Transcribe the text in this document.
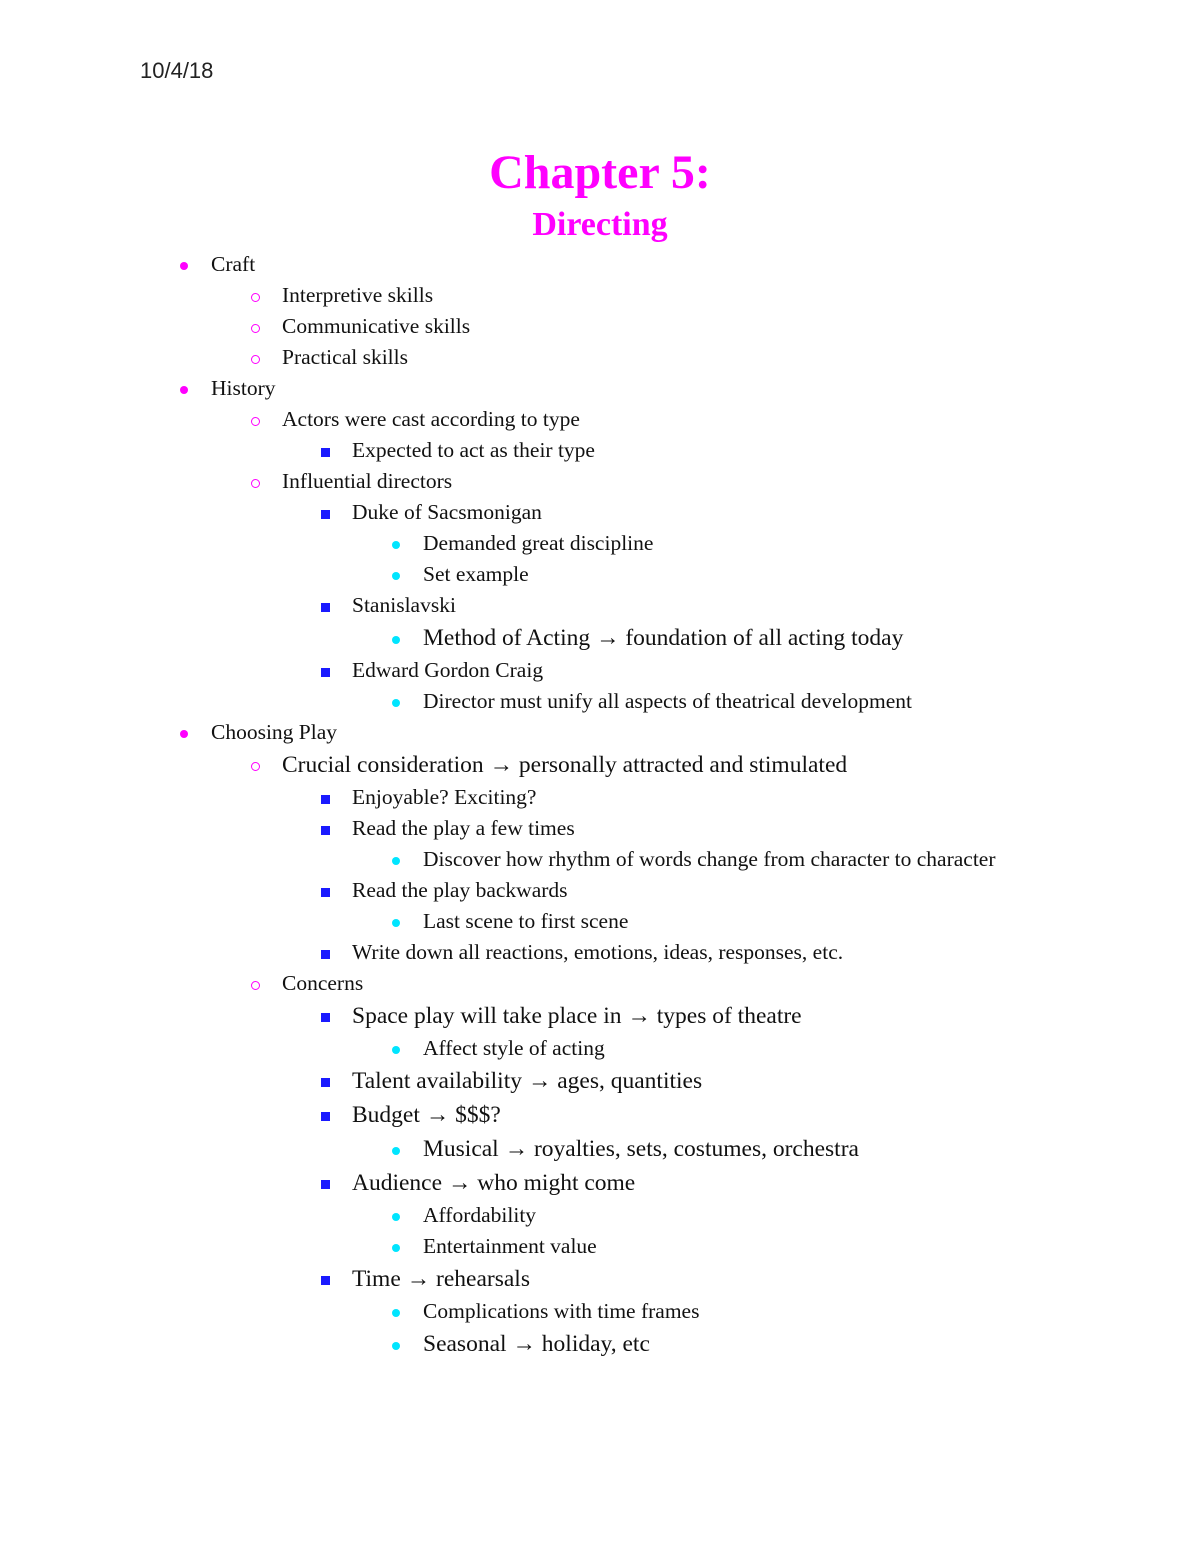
10/4/18
Chapter 5:
Directing
Craft
Interpretive skills
Communicative skills
Practical skills
History
Actors were cast according to type
Expected to act as their type
Influential directors
Duke of Sacsmonigan
Demanded great discipline
Set example
Stanislavski
Method of Acting → foundation of all acting today
Edward Gordon Craig
Director must unify all aspects of theatrical development
Choosing Play
Crucial consideration → personally attracted and stimulated
Enjoyable? Exciting?
Read the play a few times
Discover how rhythm of words change from character to character
Read the play backwards
Last scene to first scene
Write down all reactions, emotions, ideas, responses, etc.
Concerns
Space play will take place in → types of theatre
Affect style of acting
Talent availability → ages, quantities
Budget → $$$?
Musical → royalties, sets, costumes, orchestra
Audience → who might come
Affordability
Entertainment value
Time → rehearsals
Complications with time frames
Seasonal → holiday, etc
